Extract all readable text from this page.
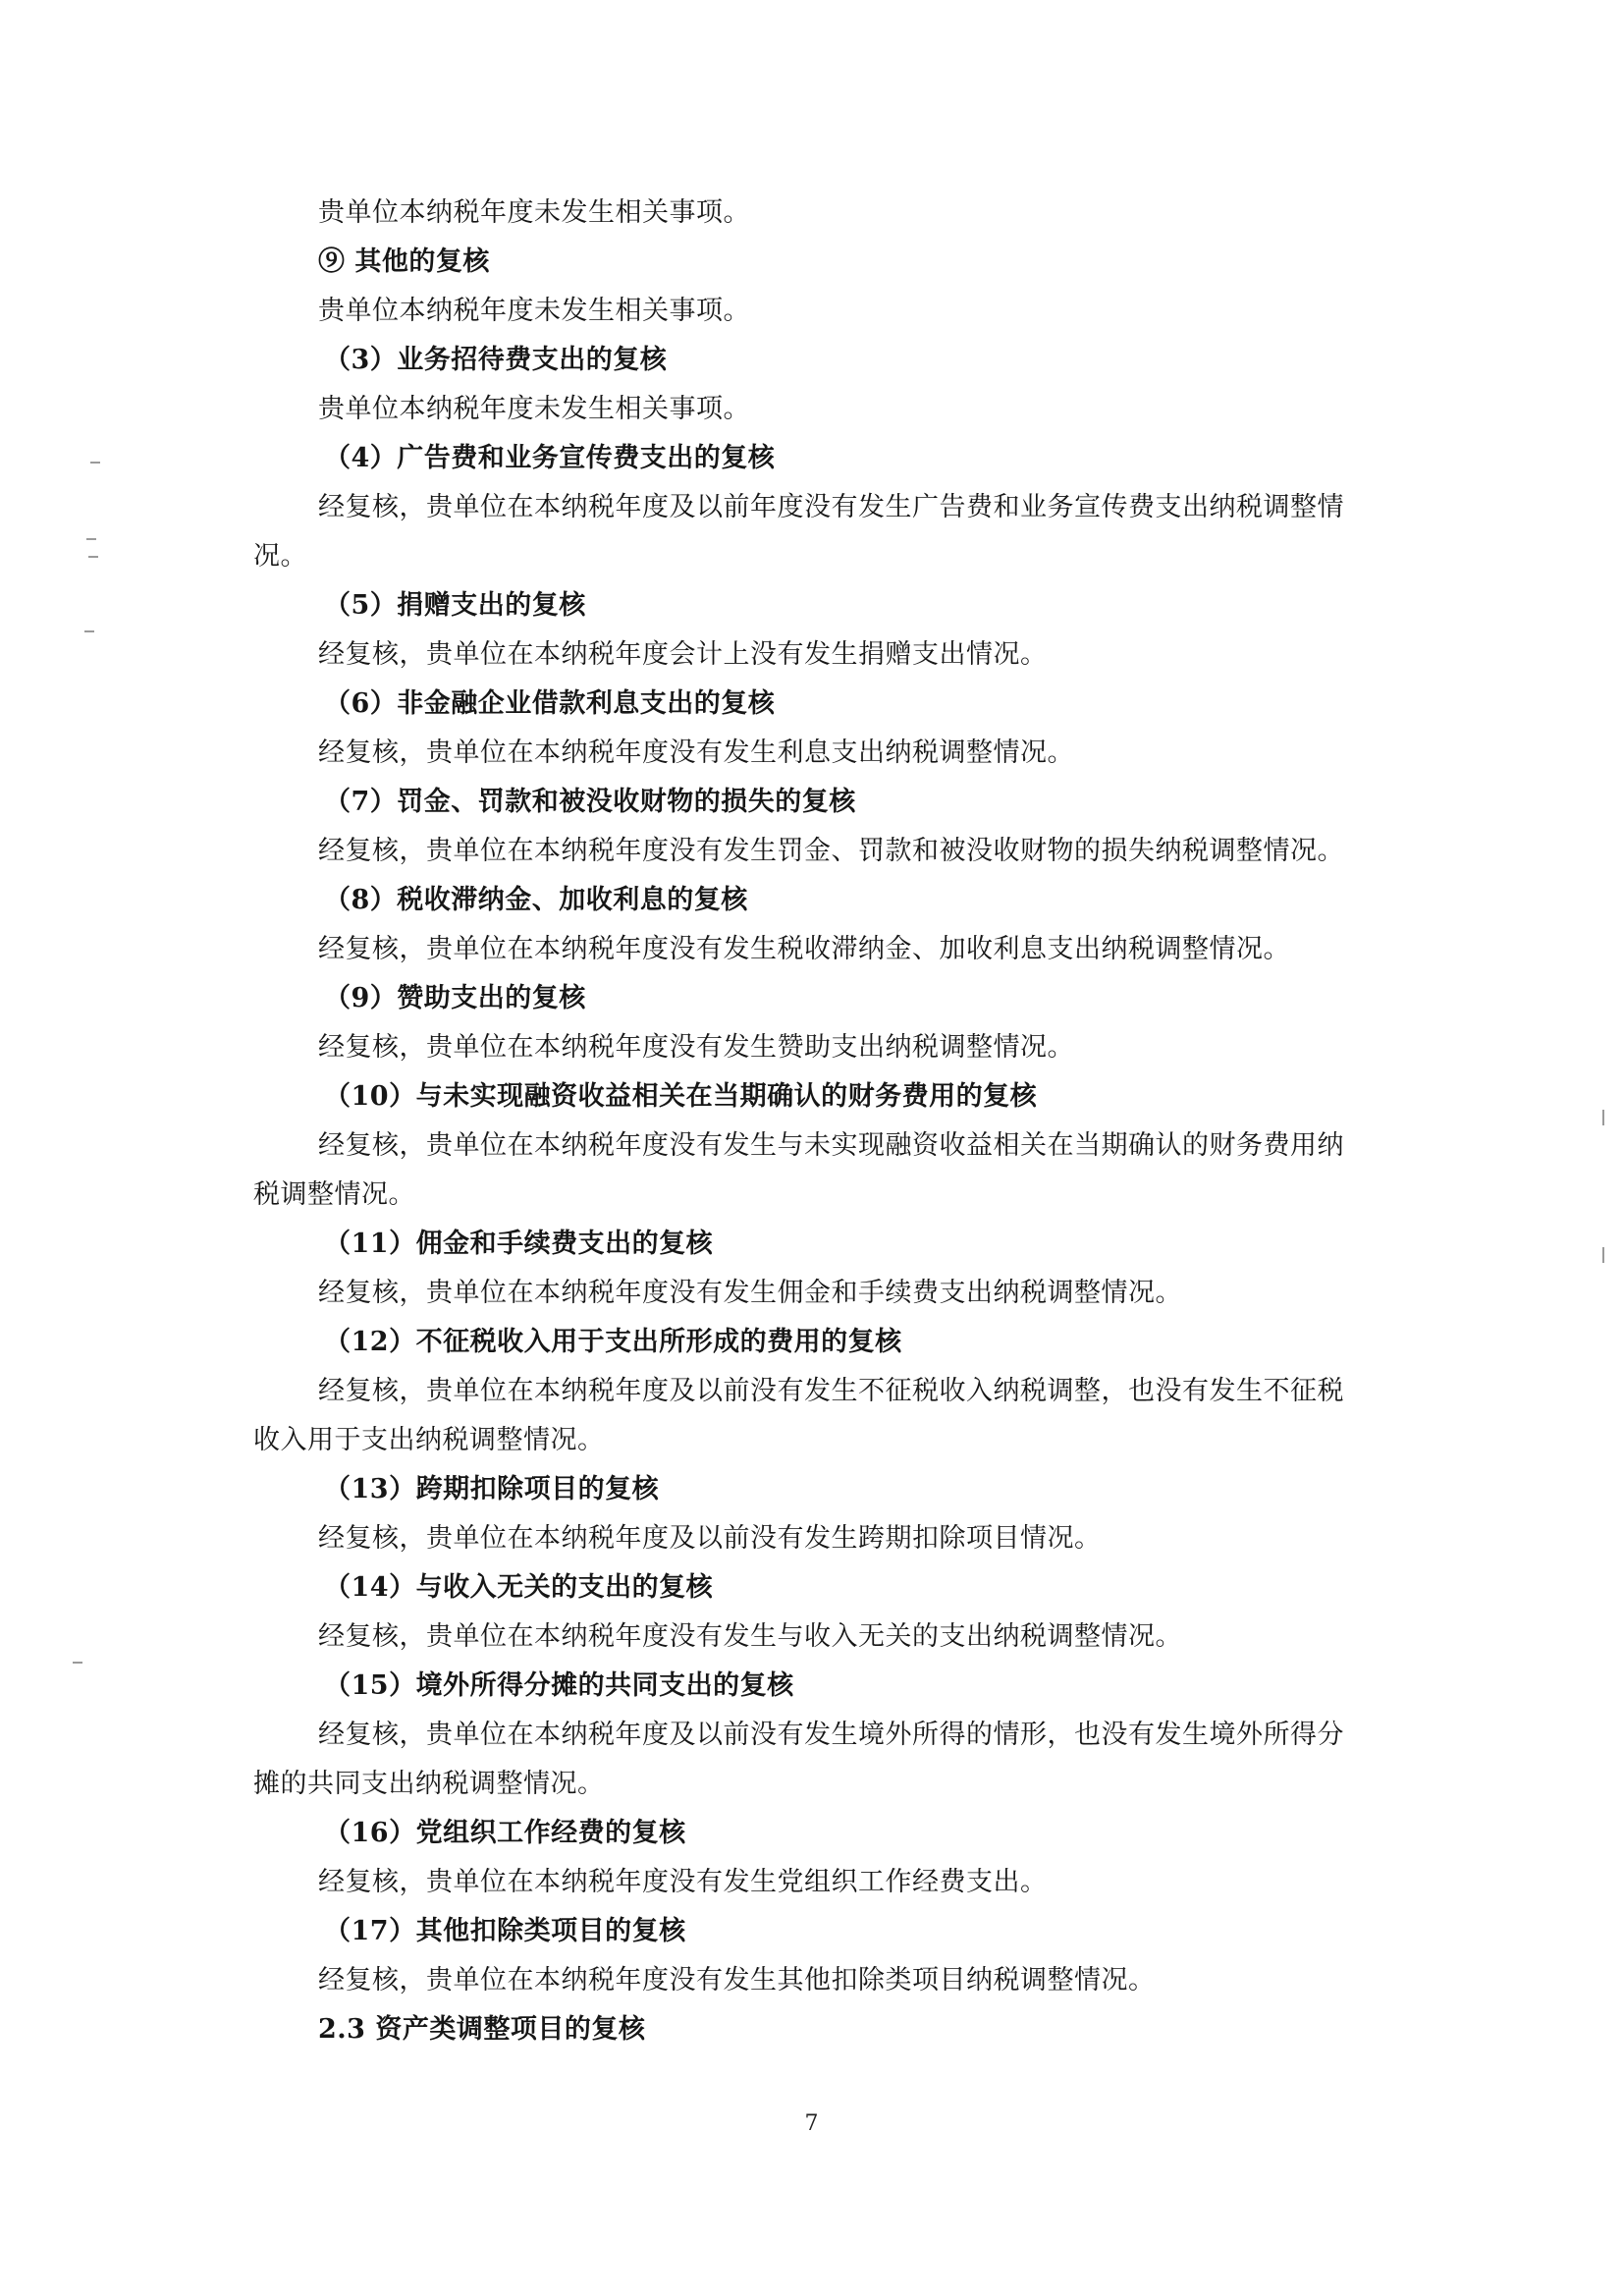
贵单位本纳税年度未发生相关事项。
⑨ 其他的复核
贵单位本纳税年度未发生相关事项。
（3）业务招待费支出的复核
贵单位本纳税年度未发生相关事项。
（4）广告费和业务宣传费支出的复核
经复核，贵单位在本纳税年度及以前年度没有发生广告费和业务宣传费支出纳税调整情
况。
（5）捐赠支出的复核
经复核，贵单位在本纳税年度会计上没有发生捐赠支出情况。
（6）非金融企业借款利息支出的复核
经复核，贵单位在本纳税年度没有发生利息支出纳税调整情况。
（7）罚金、罚款和被没收财物的损失的复核
经复核，贵单位在本纳税年度没有发生罚金、罚款和被没收财物的损失纳税调整情况。
（8）税收滞纳金、加收利息的复核
经复核，贵单位在本纳税年度没有发生税收滞纳金、加收利息支出纳税调整情况。
（9）赞助支出的复核
经复核，贵单位在本纳税年度没有发生赞助支出纳税调整情况。
（10）与未实现融资收益相关在当期确认的财务费用的复核
经复核，贵单位在本纳税年度没有发生与未实现融资收益相关在当期确认的财务费用纳
税调整情况。
（11）佣金和手续费支出的复核
经复核，贵单位在本纳税年度没有发生佣金和手续费支出纳税调整情况。
（12）不征税收入用于支出所形成的费用的复核
经复核，贵单位在本纳税年度及以前没有发生不征税收入纳税调整，也没有发生不征税
收入用于支出纳税调整情况。
（13）跨期扣除项目的复核
经复核，贵单位在本纳税年度及以前没有发生跨期扣除项目情况。
（14）与收入无关的支出的复核
经复核，贵单位在本纳税年度没有发生与收入无关的支出纳税调整情况。
（15）境外所得分摊的共同支出的复核
经复核，贵单位在本纳税年度及以前没有发生境外所得的情形，也没有发生境外所得分
摊的共同支出纳税调整情况。
（16）党组织工作经费的复核
经复核，贵单位在本纳税年度没有发生党组织工作经费支出。
（17）其他扣除类项目的复核
经复核，贵单位在本纳税年度没有发生其他扣除类项目纳税调整情况。
2.3 资产类调整项目的复核
7
